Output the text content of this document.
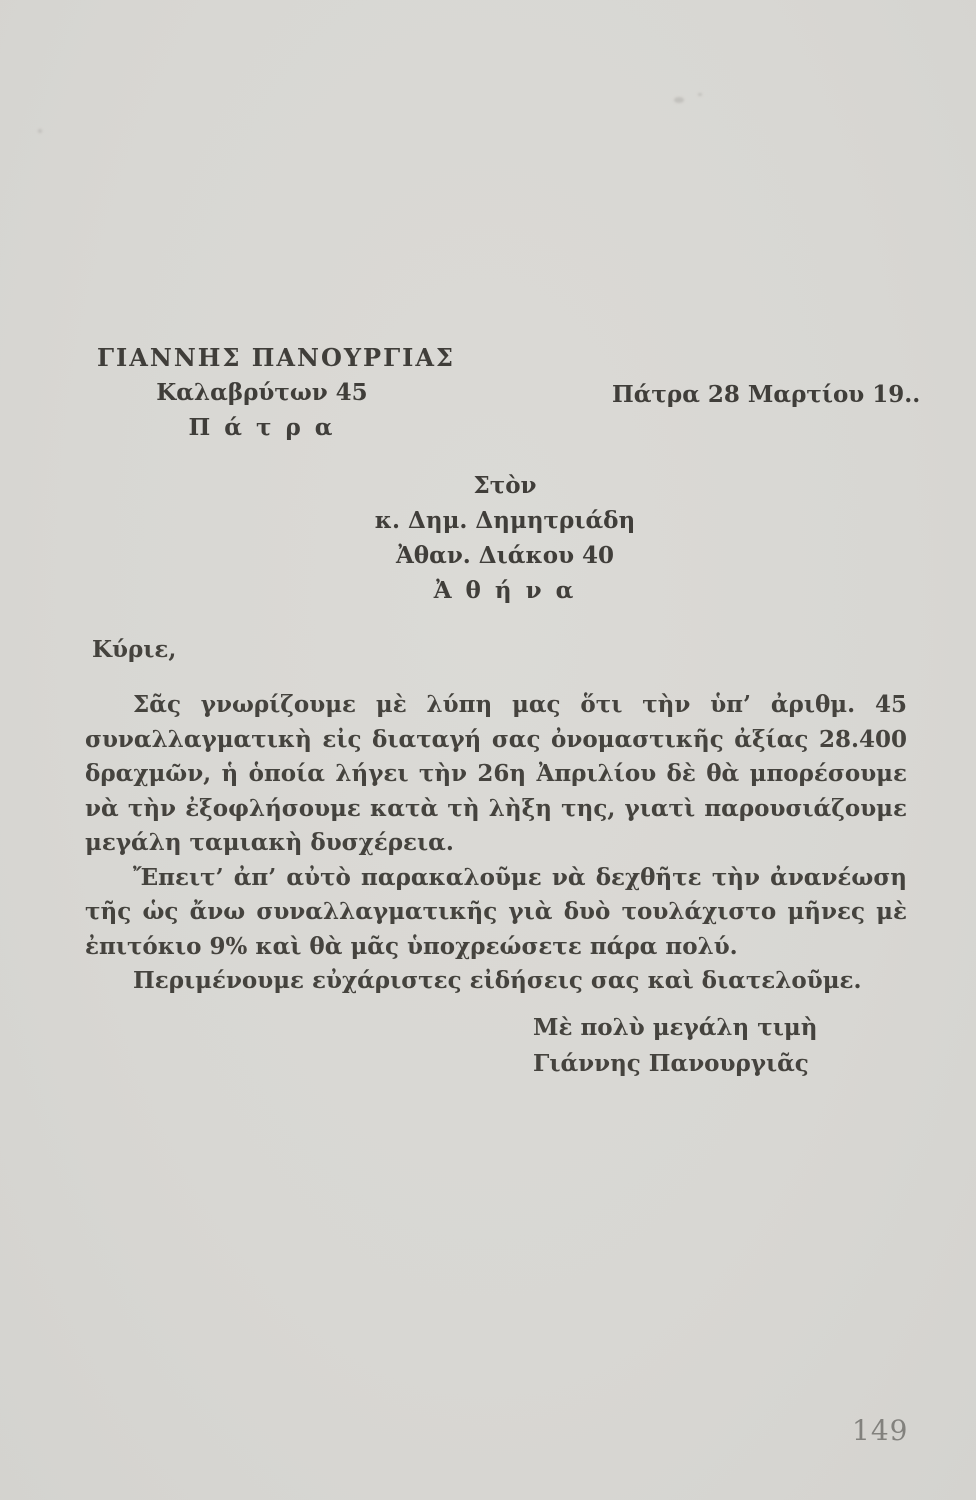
ΓΙΑΝΝΗΣ ΠΑΝΟΥΡΓΙΑΣ
Καλαβρύτων 45
Π ά τ ρ α
Πάτρα 28 Μαρτίου 19..
Στὸν
κ. Δημ. Δημητριάδη
Ἀθαν. Διάκου 40
Ἀ θ ή ν α
Κύριε,

Σᾶς γνωρίζουμε μὲ λύπη μας ὅτι τὴν ὑπ’ ἀριθμ. 45 συναλλαγματικὴ εἰς διαταγή σας ὀνομαστικῆς ἀξίας 28.400 δραχμῶν, ἡ ὁποία λήγει τὴν 26η Ἀπριλίου δὲ θὰ μπορέσουμε νὰ τὴν ἐξοφλήσουμε κατὰ τὴ λὴξη της, γιατὶ παρουσιάζουμε μεγάλη ταμιακὴ δυσχέρεια.

Ἔπειτ’ ἀπ’ αὐτὸ παρακαλοῦμε νὰ δεχθῆτε τὴν ἀνανέωση τῆς ὡς ἄνω συναλλαγματικῆς γιὰ δυὸ τουλάχιστο μῆνες μὲ ἐπιτόκιο 9% καὶ θὰ μᾶς ὑποχρεώσετε πάρα πολύ.

Περιμένουμε εὐχάριστες εἰδήσεις σας καὶ διατελοῦμε.

Μὲ πολὺ μεγάλη τιμὴ
Γιάννης Πανουργιᾶς
149
